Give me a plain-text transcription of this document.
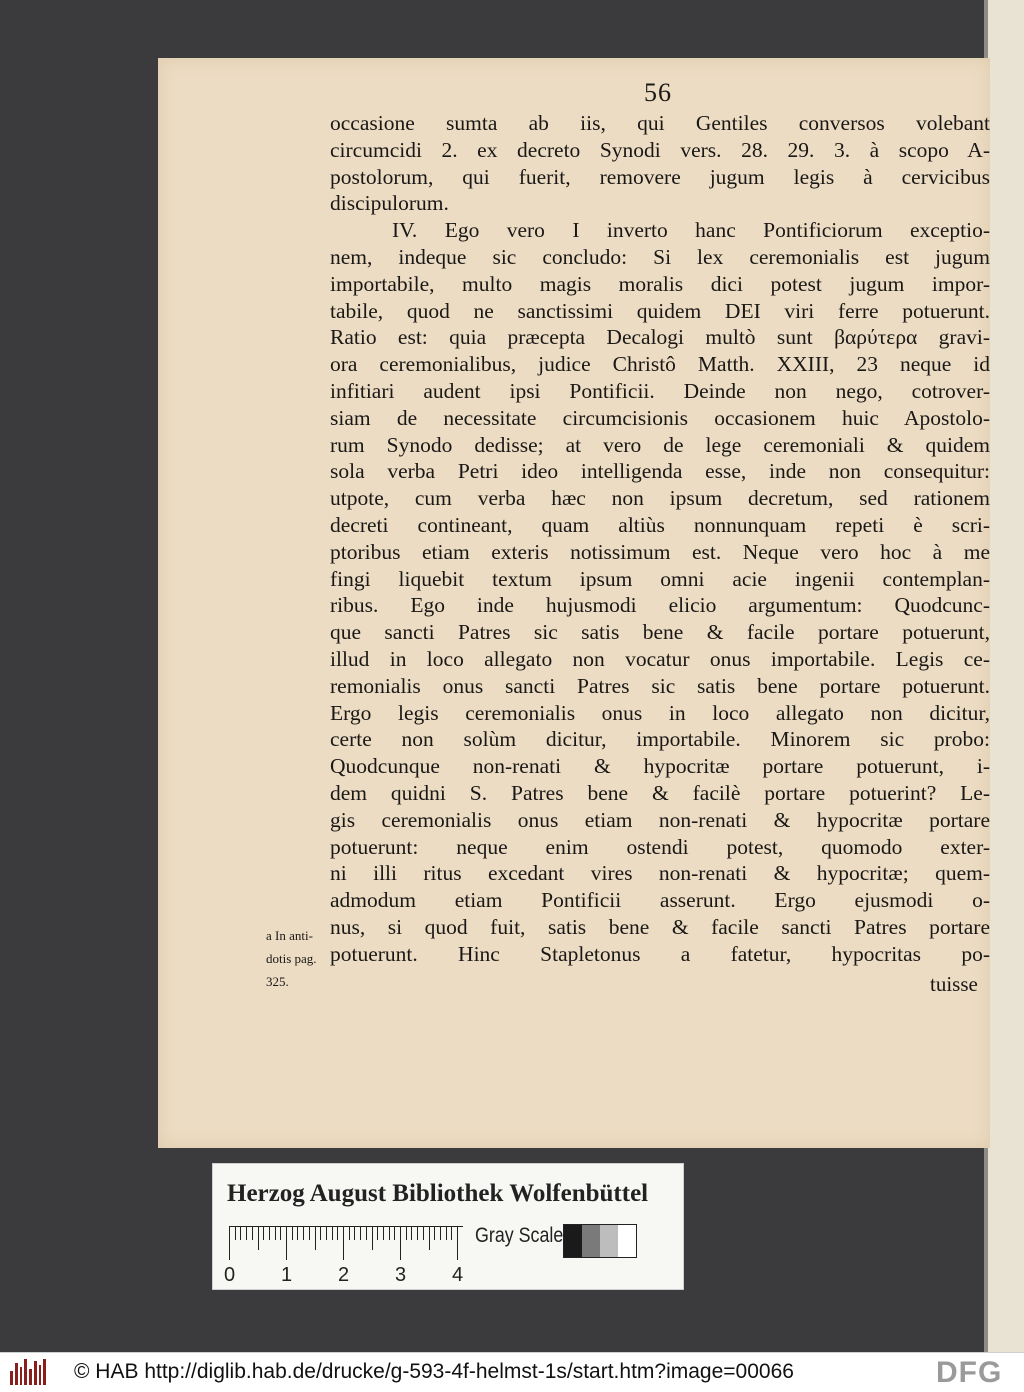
56
occasione sumta ab iis, qui Gentiles conversos volebant
circumcidi 2. ex decreto Synodi vers. 28. 29. 3. à scopo A-
postolorum, qui fuerit, removere jugum legis à cervicibus
discipulorum.
IV. Ego vero I inverto hanc Pontificiorum exceptio-
nem, indeque sic concludo: Si lex ceremonialis est jugum
importabile, multo magis moralis dici potest jugum impor-
tabile, quod ne sanctissimi quidem DEI viri ferre potuerunt.
Ratio est: quia præcepta Decalogi multò sunt βαρύτερα gravi-
ora ceremonialibus, judice Christô Matth. XXIII, 23 neque id
infitiari audent ipsi Pontificii. Deinde non nego, cotrover-
siam de necessitate circumcisionis occasionem huic Apostolo-
rum Synodo dedisse; at vero de lege ceremoniali & quidem
sola verba Petri ideo intelligenda esse, inde non consequitur:
utpote, cum verba hæc non ipsum decretum, sed rationem
decreti contineant, quam altiùs nonnunquam repeti è scri-
ptoribus etiam exteris notissimum est. Neque vero hoc à me
fingi liquebit textum ipsum omni acie ingenii contemplan-
ribus. Ego inde hujusmodi elicio argumentum: Quodcunc-
que sancti Patres sic satis bene & facile portare potuerunt,
illud in loco allegato non vocatur onus importabile. Legis ce-
remonialis onus sancti Patres sic satis bene portare potuerunt.
Ergo legis ceremonialis onus in loco allegato non dicitur,
certe non solùm dicitur, importabile. Minorem sic probo:
Quodcunque non-renati & hypocritæ portare potuerunt, i-
dem quidni S. Patres bene & facilè portare potuerint? Le-
gis ceremonialis onus etiam non-renati & hypocritæ portare
potuerunt: neque enim ostendi potest, quomodo exter-
ni illi ritus excedant vires non-renati & hypocritæ; quem-
admodum etiam Pontificii asserunt. Ergo ejusmodi o-
nus, si quod fuit, satis bene & facile sancti Patres portare
potuerunt. Hinc Stapletonus a fatetur, hypocritas po-
a In anti-
dotis pag.
325.	tuisse
Herzog August Bibliothek Wolfenbüttel
0 1 2 3 4
Gray Scale
© HAB http://diglib.hab.de/drucke/g-593-4f-helmst-1s/start.htm?image=00066	DFG
